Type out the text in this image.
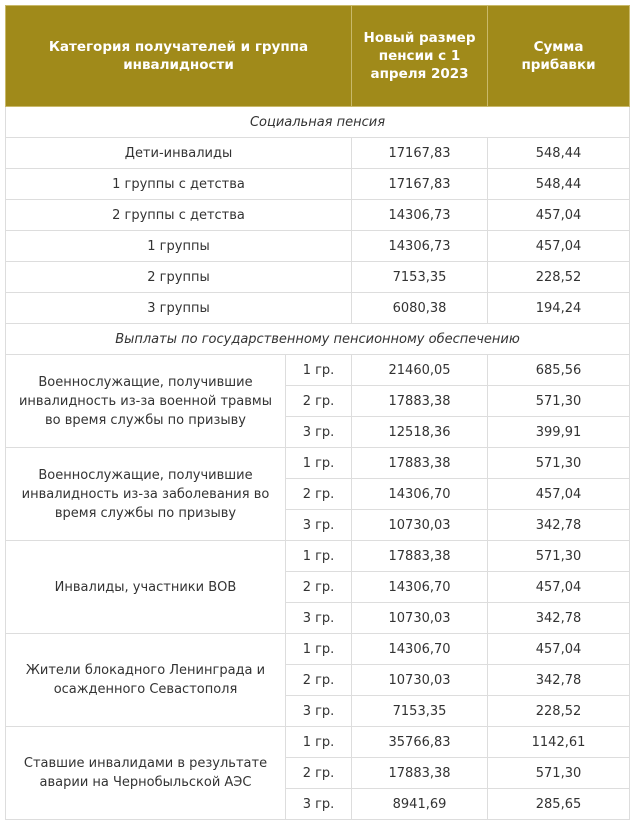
Категория получателей и группа инвалидности		Новый размер пенсии с 1 апреля 2023	Сумма прибавки
Социальная пенсия			
Дети-инвалиды		17167,83	548,44
1 группы с детства		17167,83	548,44
2 группы с детства		14306,73	457,04
1 группы		14306,73	457,04
2 группы		7153,35	228,52
3 группы		6080,38	194,24
Выплаты по государственному пенсионному обеспечению			
Военнослужащие, получившие инвалидность из-за военной травмы во время службы по призыву	1 гр.	21460,05	685,56
	2 гр.	17883,38	571,30
	3 гр.	12518,36	399,91
Военнослужащие, получившие инвалидность из-за заболевания во время службы по призыву	1 гр.	17883,38	571,30
	2 гр.	14306,70	457,04
	3 гр.	10730,03	342,78
Инвалиды, участники ВОВ	1 гр.	17883,38	571,30
	2 гр.	14306,70	457,04
	3 гр.	10730,03	342,78
Жители блокадного Ленинграда и осажденного Севастополя	1 гр.	14306,70	457,04
	2 гр.	10730,03	342,78
	3 гр.	7153,35	228,52
Ставшие инвалидами в результате аварии на Чернобыльской АЭС	1 гр.	35766,83	1142,61
	2 гр.	17883,38	571,30
	3 гр.	8941,69	285,65
